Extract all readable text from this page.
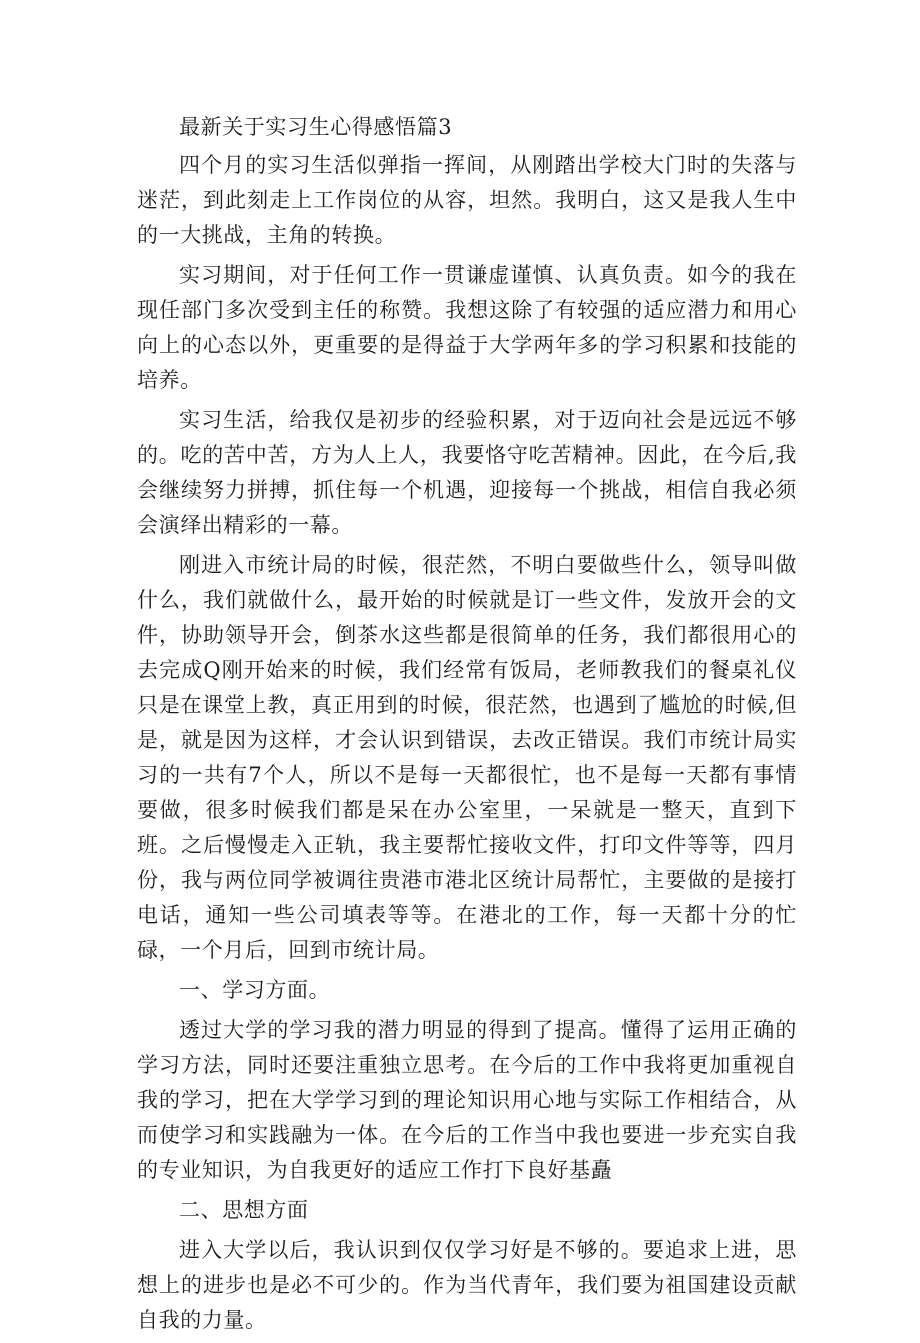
最新关于实习生心得感悟篇3

四个月的实习生活似弹指一挥间，从刚踏出学校大门时的失落与迷茫，到此刻走上工作岗位的从容，坦然。我明白，这又是我人生中的一大挑战，主角的转换。

实习期间，对于任何工作一贯谦虚谨慎、认真负责。如今的我在现任部门多次受到主任的称赞。我想这除了有较强的适应潜力和用心向上的心态以外，更重要的是得益于大学两年多的学习积累和技能的培养。

实习生活，给我仅是初步的经验积累，对于迈向社会是远远不够的。吃的苦中苦，方为人上人，我要恪守吃苦精神。因此，在今后,我会继续努力拼搏，抓住每一个机遇，迎接每一个挑战，相信自我必须会演绎出精彩的一幕。

刚进入市统计局的时候，很茫然，不明白要做些什么，领导叫做什么，我们就做什么，最开始的时候就是订一些文件，发放开会的文件，协助领导开会，倒茶水这些都是很简单的任务，我们都很用心的去完成Q刚开始来的时候，我们经常有饭局，老师教我们的餐桌礼仪只是在课堂上教，真正用到的时候，很茫然，也遇到了尴尬的时候,但是，就是因为这样，才会认识到错误，去改正错误。我们市统计局实习的一共有7个人，所以不是每一天都很忙，也不是每一天都有事情要做，很多时候我们都是呆在办公室里，一呆就是一整天，直到下班。之后慢慢走入正轨，我主要帮忙接收文件，打印文件等等，四月份，我与两位同学被调往贵港市港北区统计局帮忙，主要做的是接打电话，通知一些公司填表等等。在港北的工作，每一天都十分的忙碌，一个月后，回到市统计局。

一、学习方面。

透过大学的学习我的潜力明显的得到了提高。懂得了运用正确的学习方法，同时还要注重独立思考。在今后的工作中我将更加重视自我的学习，把在大学学习到的理论知识用心地与实际工作相结合，从而使学习和实践融为一体。在今后的工作当中我也要进一步充实自我的专业知识，为自我更好的适应工作打下良好基矗

二、思想方面

进入大学以后，我认识到仅仅学习好是不够的。要追求上进，思想上的进步也是必不可少的。作为当代青年，我们要为祖国建设贡献自我的力量。
